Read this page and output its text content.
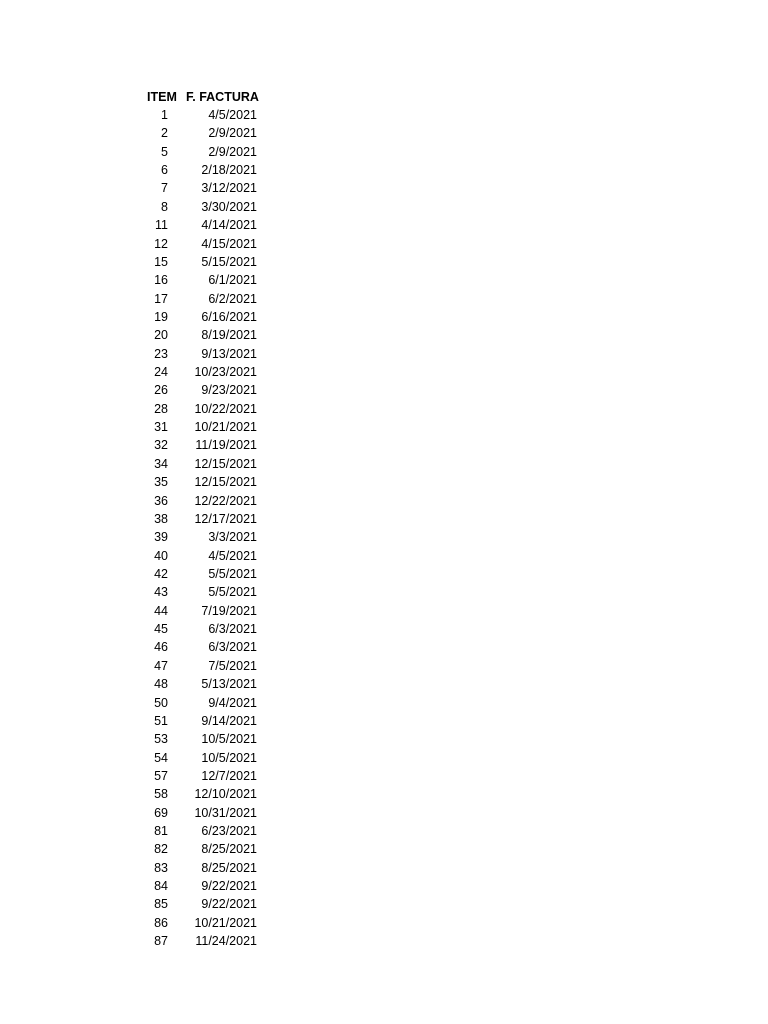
ITEM F. FACTURA
1	4/5/2021
2	2/9/2021
5	2/9/2021
6	2/18/2021
7	3/12/2021
8	3/30/2021
11	4/14/2021
12	4/15/2021
15	5/15/2021
16	6/1/2021
17	6/2/2021
19	6/16/2021
20	8/19/2021
23	9/13/2021
24 10/23/2021
26	9/23/2021
28 10/22/2021
31 10/21/2021
32 11/19/2021
34 12/15/2021
35 12/15/2021
36 12/22/2021
38 12/17/2021
39	3/3/2021
40	4/5/2021
42	5/5/2021
43	5/5/2021
44	7/19/2021
45	6/3/2021
46	6/3/2021
47	7/5/2021
48	5/13/2021
50	9/4/2021
51	9/14/2021
53	10/5/2021
54	10/5/2021
57	12/7/2021
58 12/10/2021
69 10/31/2021
81	6/23/2021
82	8/25/2021
83	8/25/2021
84	9/22/2021
85	9/22/2021
86 10/21/2021
87 11/24/2021
